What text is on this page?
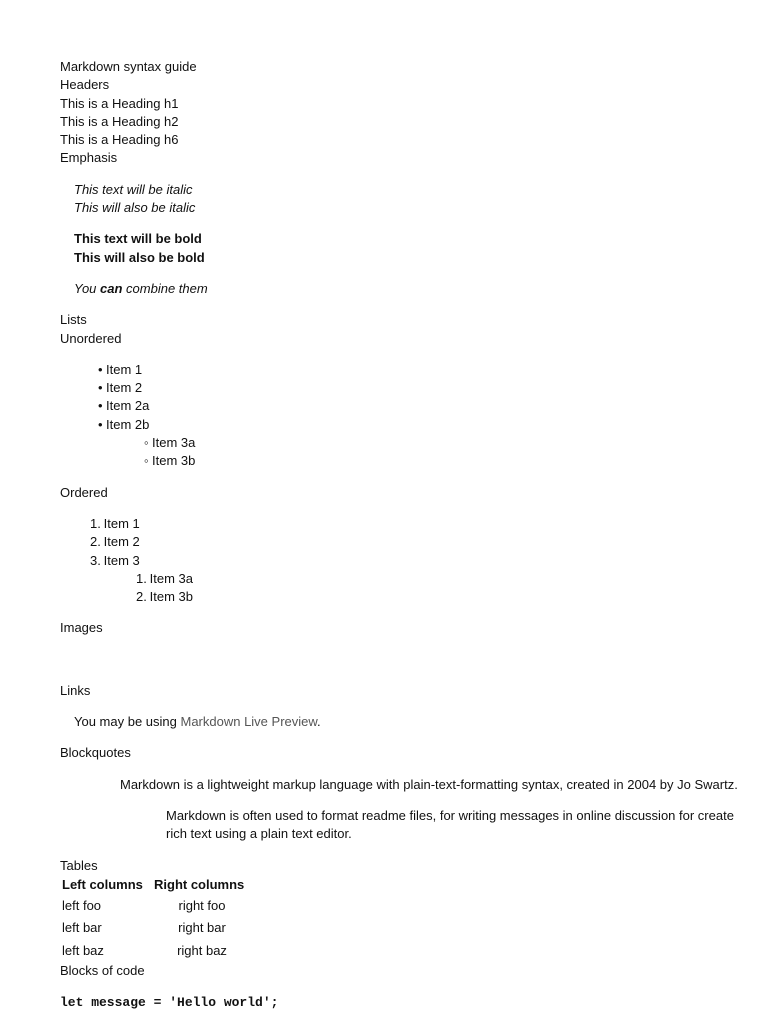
Markdown syntax guide
Headers
This is a Heading h1
This is a Heading h2
This is a Heading h6
Emphasis
This text will be italic
This will also be italic
This text will be bold
This will also be bold
You can combine them
Lists
Unordered
• Item 1
• Item 2
• Item 2a
• Item 2b
◦ Item 3a
◦ Item 3b
Ordered
1. Item 1
2. Item 2
3. Item 3
1. Item 3a
2. Item 3b
Images
Links
You may be using Markdown Live Preview.
Blockquotes
Markdown is a lightweight markup language with plain-text-formatting syntax, created in 2004 by Jo Swartz.
Markdown is often used to format readme files, for writing messages in online discussion for create rich text using a plain text editor.
Tables
Left columns	Right columns
left foo	right foo
left bar	right bar
left baz	right baz
Blocks of code
let message = 'Hello world';
